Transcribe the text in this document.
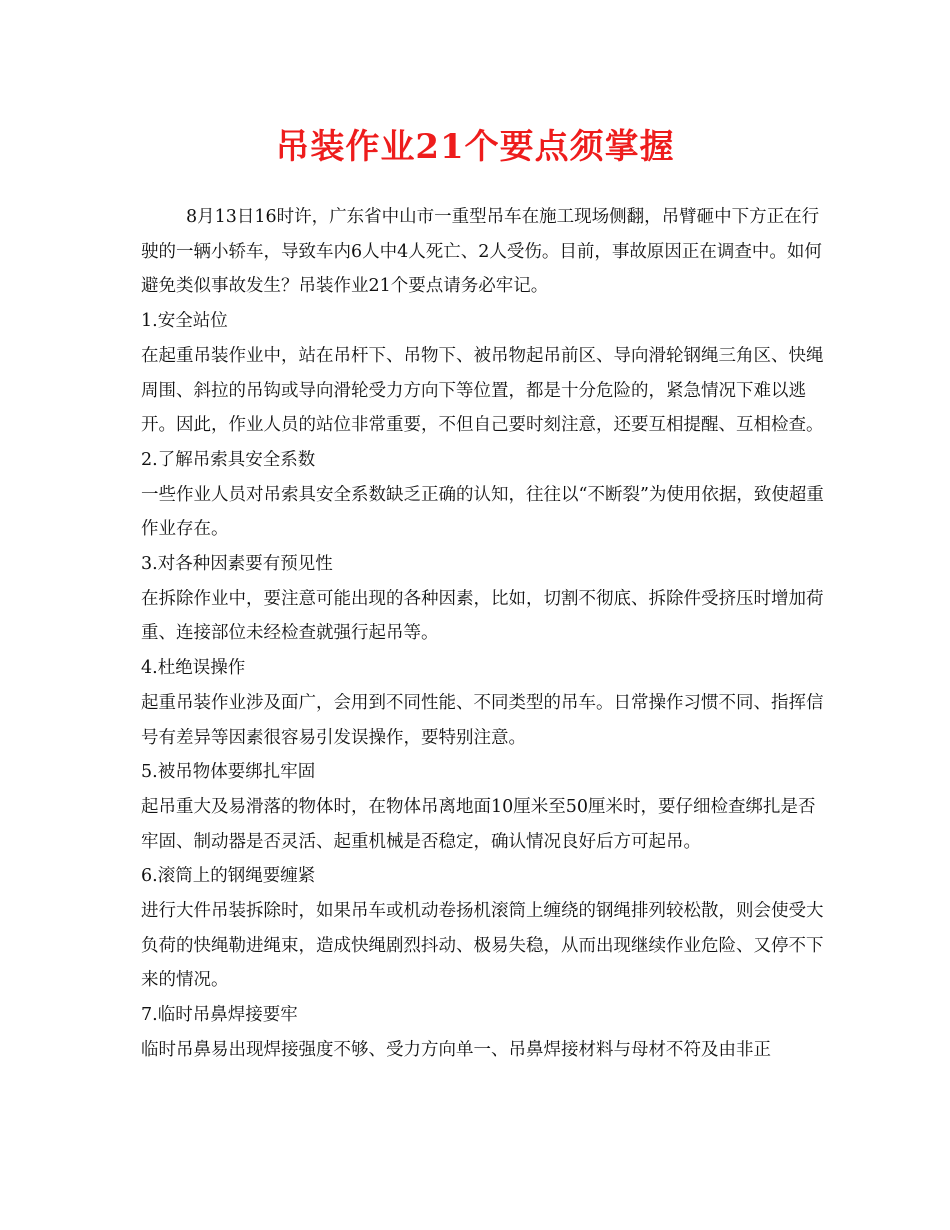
吊装作业21个要点须掌握

8月13日16时许，广东省中山市一重型吊车在施工现场侧翻，吊臂砸中下方正在行驶的一辆小轿车，导致车内6人中4人死亡、2人受伤。目前，事故原因正在调查中。如何避免类似事故发生？吊装作业21个要点请务必牢记。

1.安全站位

在起重吊装作业中，站在吊杆下、吊物下、被吊物起吊前区、导向滑轮钢绳三角区、快绳周围、斜拉的吊钩或导向滑轮受力方向下等位置，都是十分危险的，紧急情况下难以逃开。因此，作业人员的站位非常重要，不但自己要时刻注意，还要互相提醒、互相检查。

2.了解吊索具安全系数

一些作业人员对吊索具安全系数缺乏正确的认知，往往以“不断裂”为使用依据，致使超重作业存在。

3.对各种因素要有预见性

在拆除作业中，要注意可能出现的各种因素，比如，切割不彻底、拆除件受挤压时增加荷重、连接部位未经检查就强行起吊等。

4.杜绝误操作

起重吊装作业涉及面广，会用到不同性能、不同类型的吊车。日常操作习惯不同、指挥信号有差异等因素很容易引发误操作，要特别注意。

5.被吊物体要绑扎牢固

起吊重大及易滑落的物体时，在物体吊离地面10厘米至50厘米时，要仔细检查绑扎是否牢固、制动器是否灵活、起重机械是否稳定，确认情况良好后方可起吊。

6.滚筒上的钢绳要缠紧

进行大件吊装拆除时，如果吊车或机动卷扬机滚筒上缠绕的钢绳排列较松散，则会使受大负荷的快绳勒进绳束，造成快绳剧烈抖动、极易失稳，从而出现继续作业危险、又停不下来的情况。

7.临时吊鼻焊接要牢

临时吊鼻易出现焊接强度不够、受力方向单一、吊鼻焊接材料与母材不符及由非正
